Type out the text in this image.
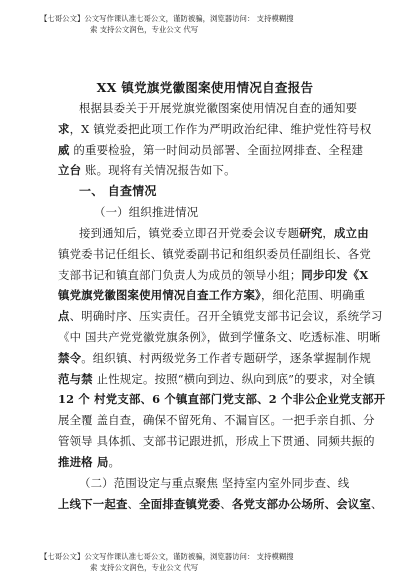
【七哥公文】公文写作课认准七哥公文，谨防被骗，浏览器访问： 支持模糊搜
索 支持公文润色，专业公文 代写
XX 镇党旗党徽图案使用情况自查报告
根据县委关于开展党旗党徽图案使用情况自查的通知要
求，X 镇党委把此项工作作为严明政治纪律、维护党性符号权
威 的重要检验，第一时间动员部署、全面拉网排查、全程建
立台 账。现将有关情况报告如下。
一、 自查情况
（一）组织推进情况
接到通知后，镇党委立即召开党委会议专题研究，成立由
镇党委书记任组长、镇党委副书记和组织委员任副组长、各党
支部书记和镇直部门负责人为成员的领导小组；同步印发《X
镇党旗党徽图案使用情况自查工作方案》，细化范围、明确重
点、明确时序、压实责任。召开全镇党支部书记会议，系统学习
《中 国共产党党徽党旗条例》，做到学懂条文、吃透标准、明晰
禁令。组织镇、村两级党务工作者专题研学，逐条掌握制作规
范与禁 止性规定。按照“横向到边、纵向到底”的要求，对全镇
12 个 村党支部、6 个镇直部门党支部、2 个非公企业党支部开
展全覆 盖自查，确保不留死角、不漏盲区。一把手亲自抓、分
管领导 具体抓、支部书记跟进抓，形成上下贯通、同频共振的
推进格 局。
（二）范围设定与重点聚焦 坚持室内室外同步查、线
上线下一起查、全面排查镇党委、各党支部办公场所、会议室、
【七哥公文】公文写作课认准七哥公文，谨防被骗，浏览器访问： 支持模糊搜
索 支持公文润色，专业公文 代写
